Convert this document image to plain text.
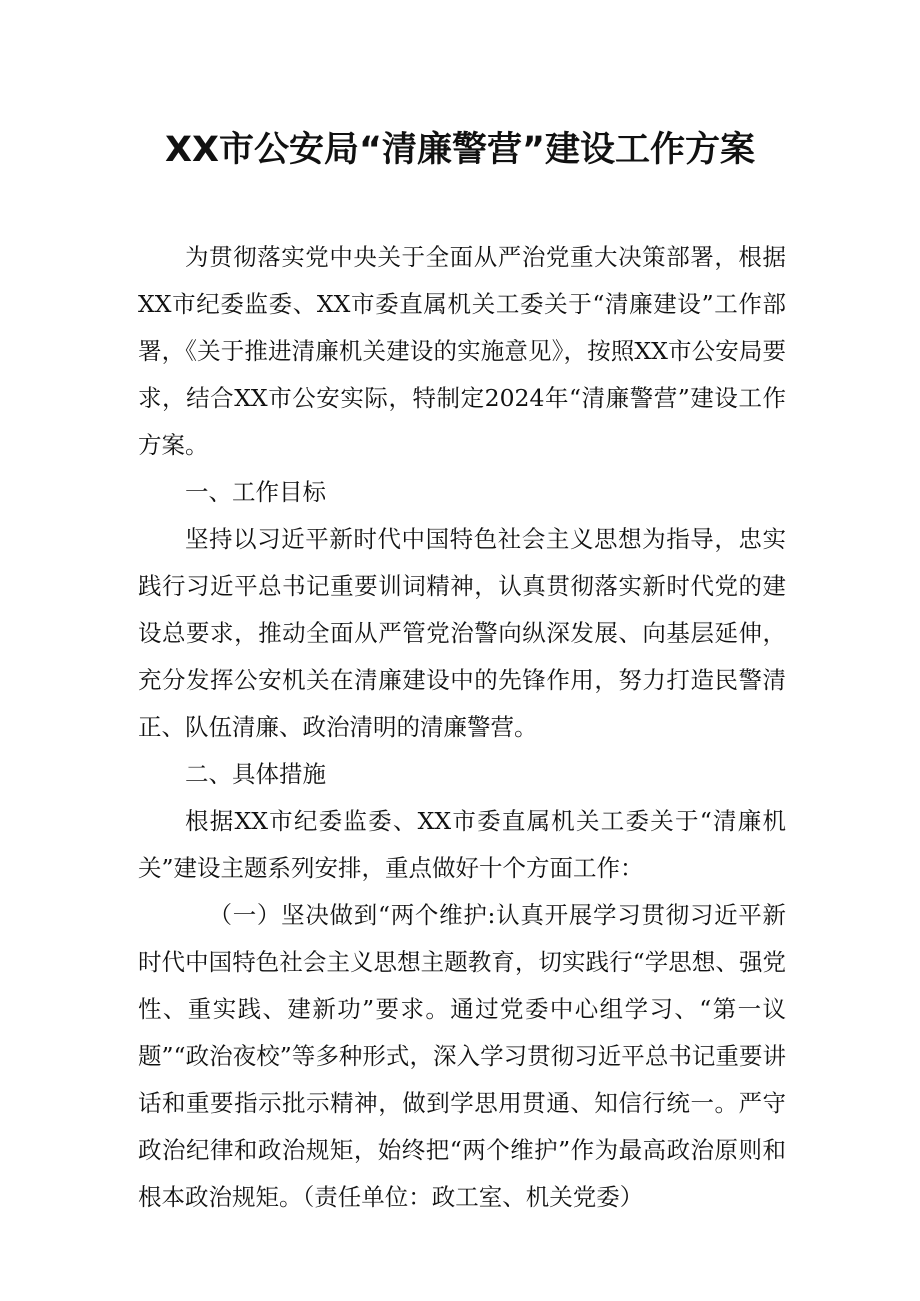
XX市公安局“清廉警营”建设工作方案

为贯彻落实党中央关于全面从严治党重大决策部署，根据XX市纪委监委、XX市委直属机关工委关于“清廉建设”工作部署，《关于推进清廉机关建设的实施意见》，按照XX市公安局要求，结合XX市公安实际，特制定2024年“清廉警营”建设工作方案。

一、工作目标

坚持以习近平新时代中国特色社会主义思想为指导，忠实践行习近平总书记重要训词精神，认真贯彻落实新时代党的建设总要求，推动全面从严管党治警向纵深发展、向基层延伸，充分发挥公安机关在清廉建设中的先锋作用，努力打造民警清正、队伍清廉、政治清明的清廉警营。

二、具体措施

根据XX市纪委监委、XX市委直属机关工委关于“清廉机关”建设主题系列安排，重点做好十个方面工作：

（一）坚决做到“两个维护:认真开展学习贯彻习近平新时代中国特色社会主义思想主题教育，切实践行“学思想、强党性、重实践、建新功”要求。通过党委中心组学习、“第一议题”“政治夜校”等多种形式，深入学习贯彻习近平总书记重要讲话和重要指示批示精神，做到学思用贯通、知信行统一。严守政治纪律和政治规矩，始终把“两个维护”作为最高政治原则和根本政治规矩。（责任单位：政工室、机关党委）
